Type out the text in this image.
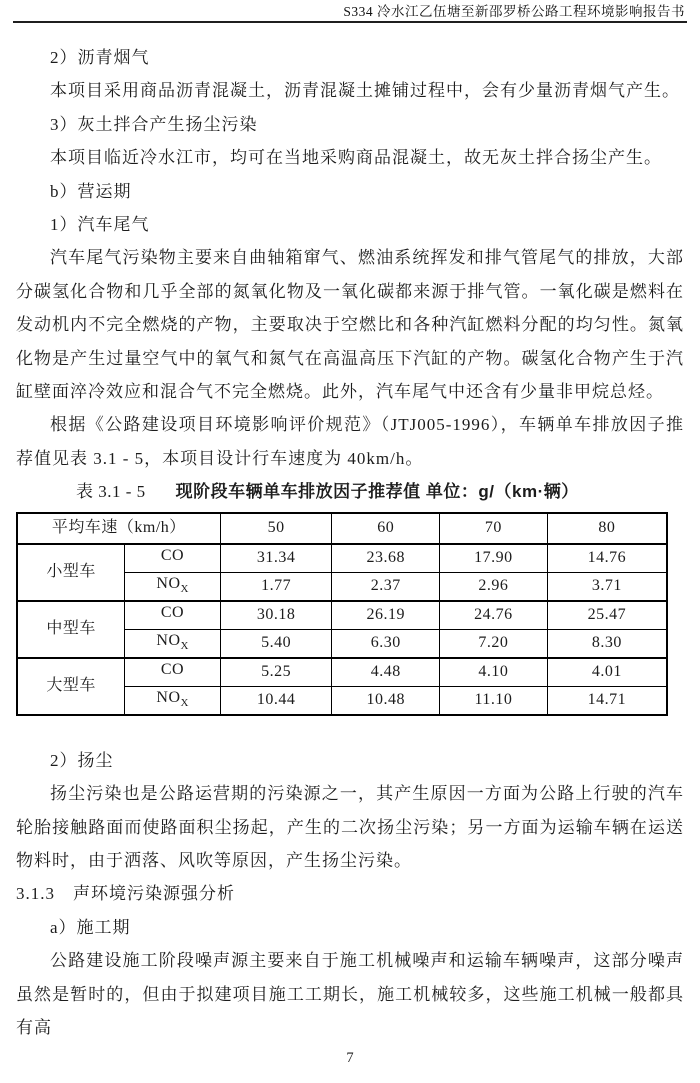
S334 冷水江乙伍塘至新邵罗桥公路工程环境影响报告书

2）沥青烟气

本项目采用商品沥青混凝土，沥青混凝土摊铺过程中，会有少量沥青烟气产生。

3）灰土拌合产生扬尘污染

本项目临近冷水江市，均可在当地采购商品混凝土，故无灰土拌合扬尘产生。

b）营运期

1）汽车尾气

汽车尾气污染物主要来自曲轴箱窜气、燃油系统挥发和排气管尾气的排放，大部分碳氢化合物和几乎全部的氮氧化物及一氧化碳都来源于排气管。一氧化碳是燃料在发动机内不完全燃烧的产物，主要取决于空燃比和各种汽缸燃料分配的均匀性。氮氧化物是产生过量空气中的氧气和氮气在高温高压下汽缸的产物。碳氢化合物产生于汽缸壁面淬冷效应和混合气不完全燃烧。此外，汽车尾气中还含有少量非甲烷总烃。

根据《公路建设项目环境影响评价规范》（JTJ005-1996），车辆单车排放因子推荐值见表 3.1 - 5，本项目设计行车速度为 40km/h。

表 3.1 - 5 现阶段车辆单车排放因子推荐值 单位：g/（km·辆）
平均车速（km/h）		50	60	70	80
小型车	CO	31.34	23.68	17.90	14.76
	$NO_X$	1.77	2.37	2.96	3.71
中型车	CO	30.18	26.19	24.76	25.47
	$NO_X$	5.40	6.30	7.20	8.30
大型车	CO	5.25	4.48	4.10	4.01
	$NO_X$	10.44	10.48	11.10	14.71

2）扬尘

扬尘污染也是公路运营期的污染源之一，其产生原因一方面为公路上行驶的汽车轮胎接触路面而使路面积尘扬起，产生的二次扬尘污染；另一方面为运输车辆在运送物料时，由于洒落、风吹等原因，产生扬尘污染。

3.1.3　声环境污染源强分析

a）施工期

公路建设施工阶段噪声源主要来自于施工机械噪声和运输车辆噪声，这部分噪声虽然是暂时的，但由于拟建项目施工工期长，施工机械较多，这些施工机械一般都具有高

7
